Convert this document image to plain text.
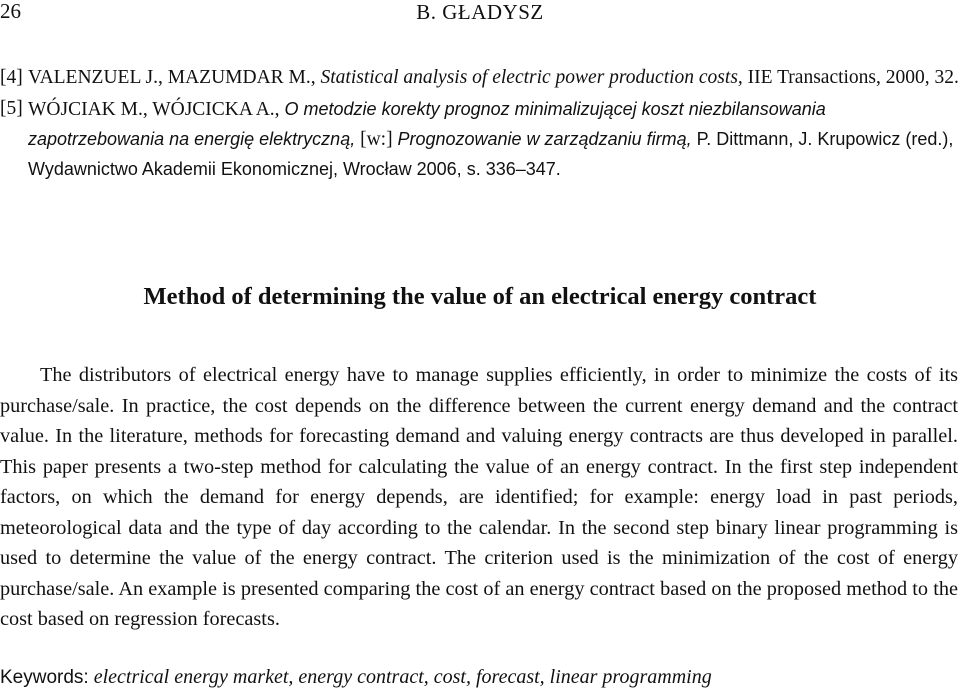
26	B. GŁADYSZ
[4] VALENZUEL J., MAZUMDAR M., Statistical analysis of electric power production costs, IIE Transactions, 2000, 32.
[5] WÓJCIAK M., WÓJCICKA A., O metodzie korekty prognoz minimalizującej koszt niezbilansowania zapotrzebowania na energię elektryczną, [w:] Prognozowanie w zarządzaniu firmą, P. Dittmann, J. Krupowicz (red.), Wydawnictwo Akademii Ekonomicznej, Wrocław 2006, s. 336–347.
Method of determining the value of an electrical energy contract

The distributors of electrical energy have to manage supplies efficiently, in order to minimize the costs of its purchase/sale. In practice, the cost depends on the difference between the current energy demand and the contract value. In the literature, methods for forecasting demand and valuing energy contracts are thus developed in parallel. This paper presents a two-step method for calculating the value of an energy contract. In the first step independent factors, on which the demand for energy depends, are identified; for example: energy load in past periods, meteorological data and the type of day according to the calendar. In the second step binary linear programming is used to determine the value of the energy contract. The criterion used is the minimization of the cost of energy purchase/sale. An example is presented comparing the cost of an energy contract based on the proposed method to the cost based on regression forecasts.

Keywords: electrical energy market, energy contract, cost, forecast, linear programming
